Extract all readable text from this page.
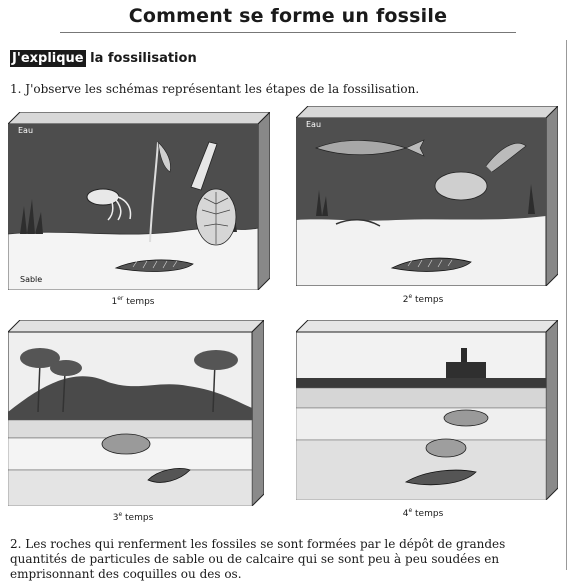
Comment se forme un fossile
J'explique la fossilisation
1. J'observe les schémas représentant les étapes de la fossilisation.
Eau
Sable
1er temps
Eau
2e temps
3e temps	4e temps
2. Les roches qui renferment les fossiles se sont formées par le dépôt de grandes quantités de particules de sable ou de calcaire qui se sont peu à peu soudées en emprisonnant des coquilles ou des os.
